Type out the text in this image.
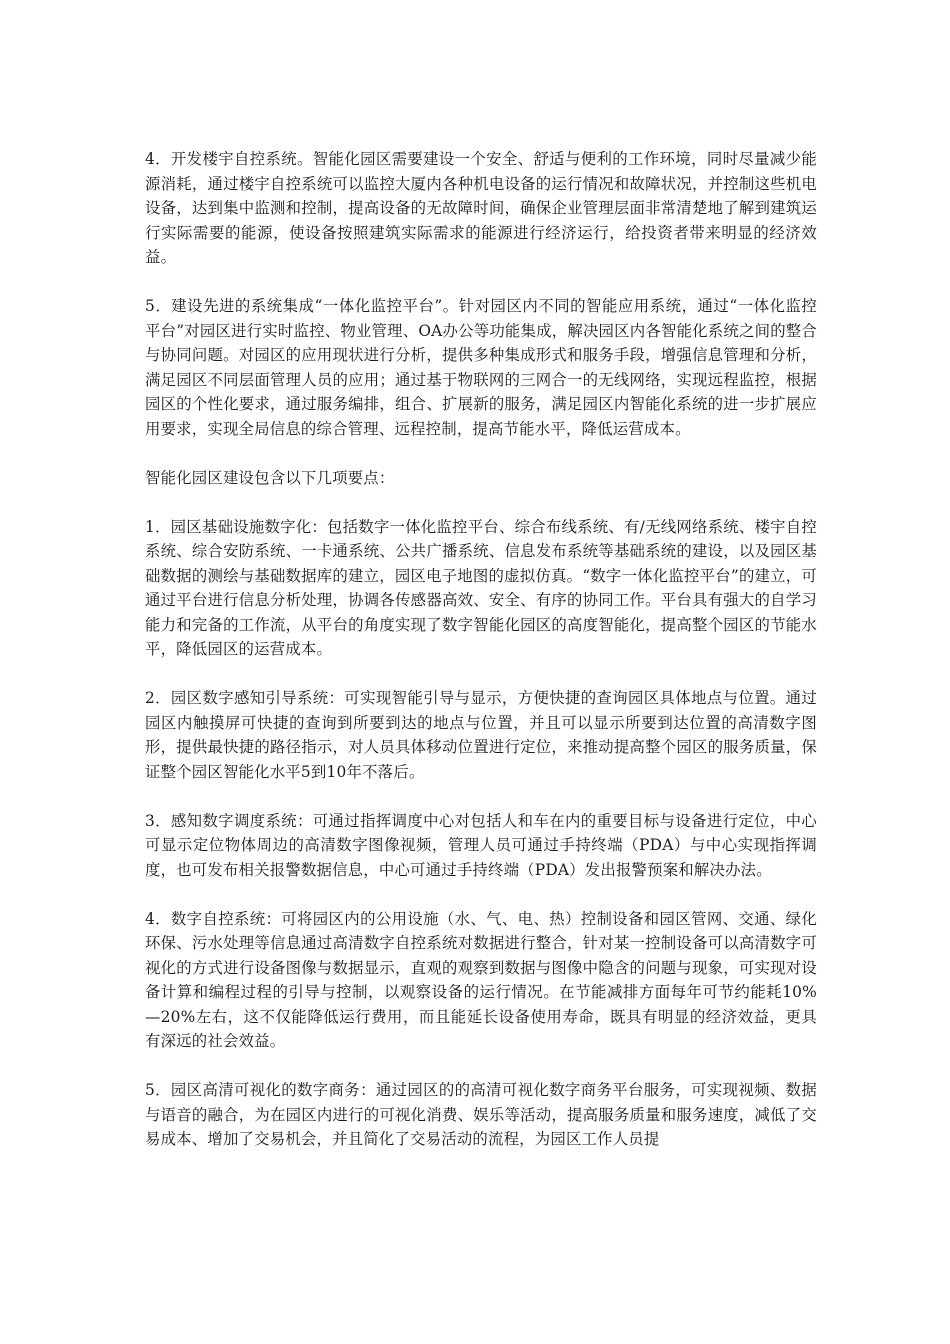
4．开发楼宇自控系统。智能化园区需要建设一个安全、舒适与便利的工作环境，同时尽量减少能源消耗，通过楼宇自控系统可以监控大厦内各种机电设备的运行情况和故障状况，并控制这些机电设备，达到集中监测和控制，提高设备的无故障时间，确保企业管理层面非常清楚地了解到建筑运行实际需要的能源，使设备按照建筑实际需求的能源进行经济运行，给投资者带来明显的经济效益。

5．建设先进的系统集成“一体化监控平台”。针对园区内不同的智能应用系统，通过“一体化监控平台”对园区进行实时监控、物业管理、OA办公等功能集成，解决园区内各智能化系统之间的整合与协同问题。对园区的应用现状进行分析，提供多种集成形式和服务手段，增强信息管理和分析，满足园区不同层面管理人员的应用；通过基于物联网的三网合一的无线网络，实现远程监控，根据园区的个性化要求，通过服务编排，组合、扩展新的服务，满足园区内智能化系统的进一步扩展应用要求，实现全局信息的综合管理、远程控制，提高节能水平，降低运营成本。

智能化园区建设包含以下几项要点：

1．园区基础设施数字化：包括数字一体化监控平台、综合布线系统、有/无线网络系统、楼宇自控系统、综合安防系统、一卡通系统、公共广播系统、信息发布系统等基础系统的建设，以及园区基础数据的测绘与基础数据库的建立，园区电子地图的虚拟仿真。“数字一体化监控平台”的建立，可通过平台进行信息分析处理，协调各传感器高效、安全、有序的协同工作。平台具有强大的自学习能力和完备的工作流，从平台的角度实现了数字智能化园区的高度智能化，提高整个园区的节能水平，降低园区的运营成本。

2．园区数字感知引导系统：可实现智能引导与显示，方便快捷的查询园区具体地点与位置。通过园区内触摸屏可快捷的查询到所要到达的地点与位置，并且可以显示所要到达位置的高清数字图形，提供最快捷的路径指示，对人员具体移动位置进行定位，来推动提高整个园区的服务质量，保证整个园区智能化水平5到10年不落后。

3．感知数字调度系统：可通过指挥调度中心对包括人和车在内的重要目标与设备进行定位，中心可显示定位物体周边的高清数字图像视频，管理人员可通过手持终端（PDA）与中心实现指挥调度，也可发布相关报警数据信息，中心可通过手持终端（PDA）发出报警预案和解决办法。

4．数字自控系统：可将园区内的公用设施（水、气、电、热）控制设备和园区管网、交通、绿化环保、污水处理等信息通过高清数字自控系统对数据进行整合，针对某一控制设备可以高清数字可视化的方式进行设备图像与数据显示，直观的观察到数据与图像中隐含的问题与现象，可实现对设备计算和编程过程的引导与控制，以观察设备的运行情况。在节能减排方面每年可节约能耗10%—20%左右，这不仅能降低运行费用，而且能延长设备使用寿命，既具有明显的经济效益，更具有深远的社会效益。

5．园区高清可视化的数字商务：通过园区的的高清可视化数字商务平台服务，可实现视频、数据与语音的融合，为在园区内进行的可视化消费、娱乐等活动，提高服务质量和服务速度，减低了交易成本、增加了交易机会，并且简化了交易活动的流程，为园区工作人员提
